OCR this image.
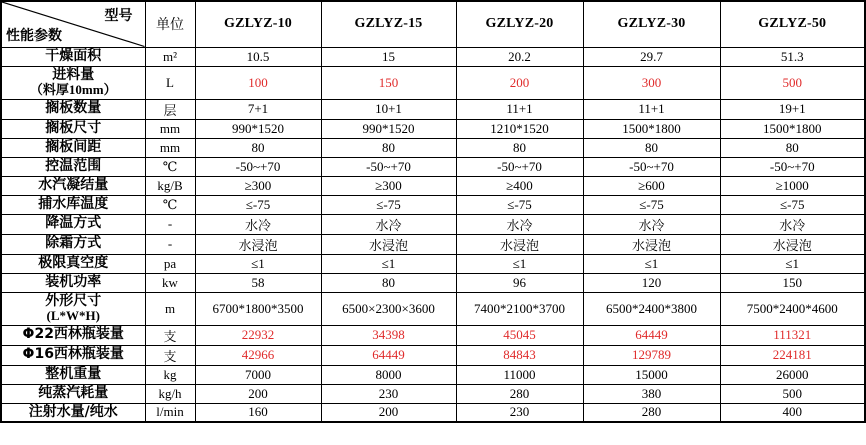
型号
性能参数	单位	GZLYZ-10	GZLYZ-15	GZLYZ-20	GZLYZ-30	GZLYZ-50
干燥面积	m²	10.5	15	20.2	29.7	51.3
进料量
（料厚10mm）	L	100	150	200	300	500
搁板数量	层	7+1	10+1	11+1	11+1	19+1
搁板尺寸	mm	990*1520	990*1520	1210*1520	1500*1800	1500*1800
搁板间距	mm	80	80	80	80	80
控温范围	℃	-50~+70	-50~+70	-50~+70	-50~+70	-50~+70
水汽凝结量	kg/B	≥300	≥300	≥400	≥600	≥1000
捕水库温度	℃	≤-75	≤-75	≤-75	≤-75	≤-75
降温方式	-	水冷	水冷	水冷	水冷	水冷
除霜方式	-	水浸泡	水浸泡	水浸泡	水浸泡	水浸泡
极限真空度	pa	≤1	≤1	≤1	≤1	≤1
装机功率	kw	58	80	96	120	150
外形尺寸
(L*W*H)	m	6700*1800*3500	6500×2300×3600	7400*2100*3700	6500*2400*3800	7500*2400*4600
Φ22西林瓶装量	支	22932	34398	45045	64449	111321
Φ16西林瓶装量	支	42966	64449	84843	129789	224181
整机重量	kg	7000	8000	11000	15000	26000
纯蒸汽耗量	kg/h	200	230	280	380	500
注射水量/纯水	l/min	160	200	230	280	400
